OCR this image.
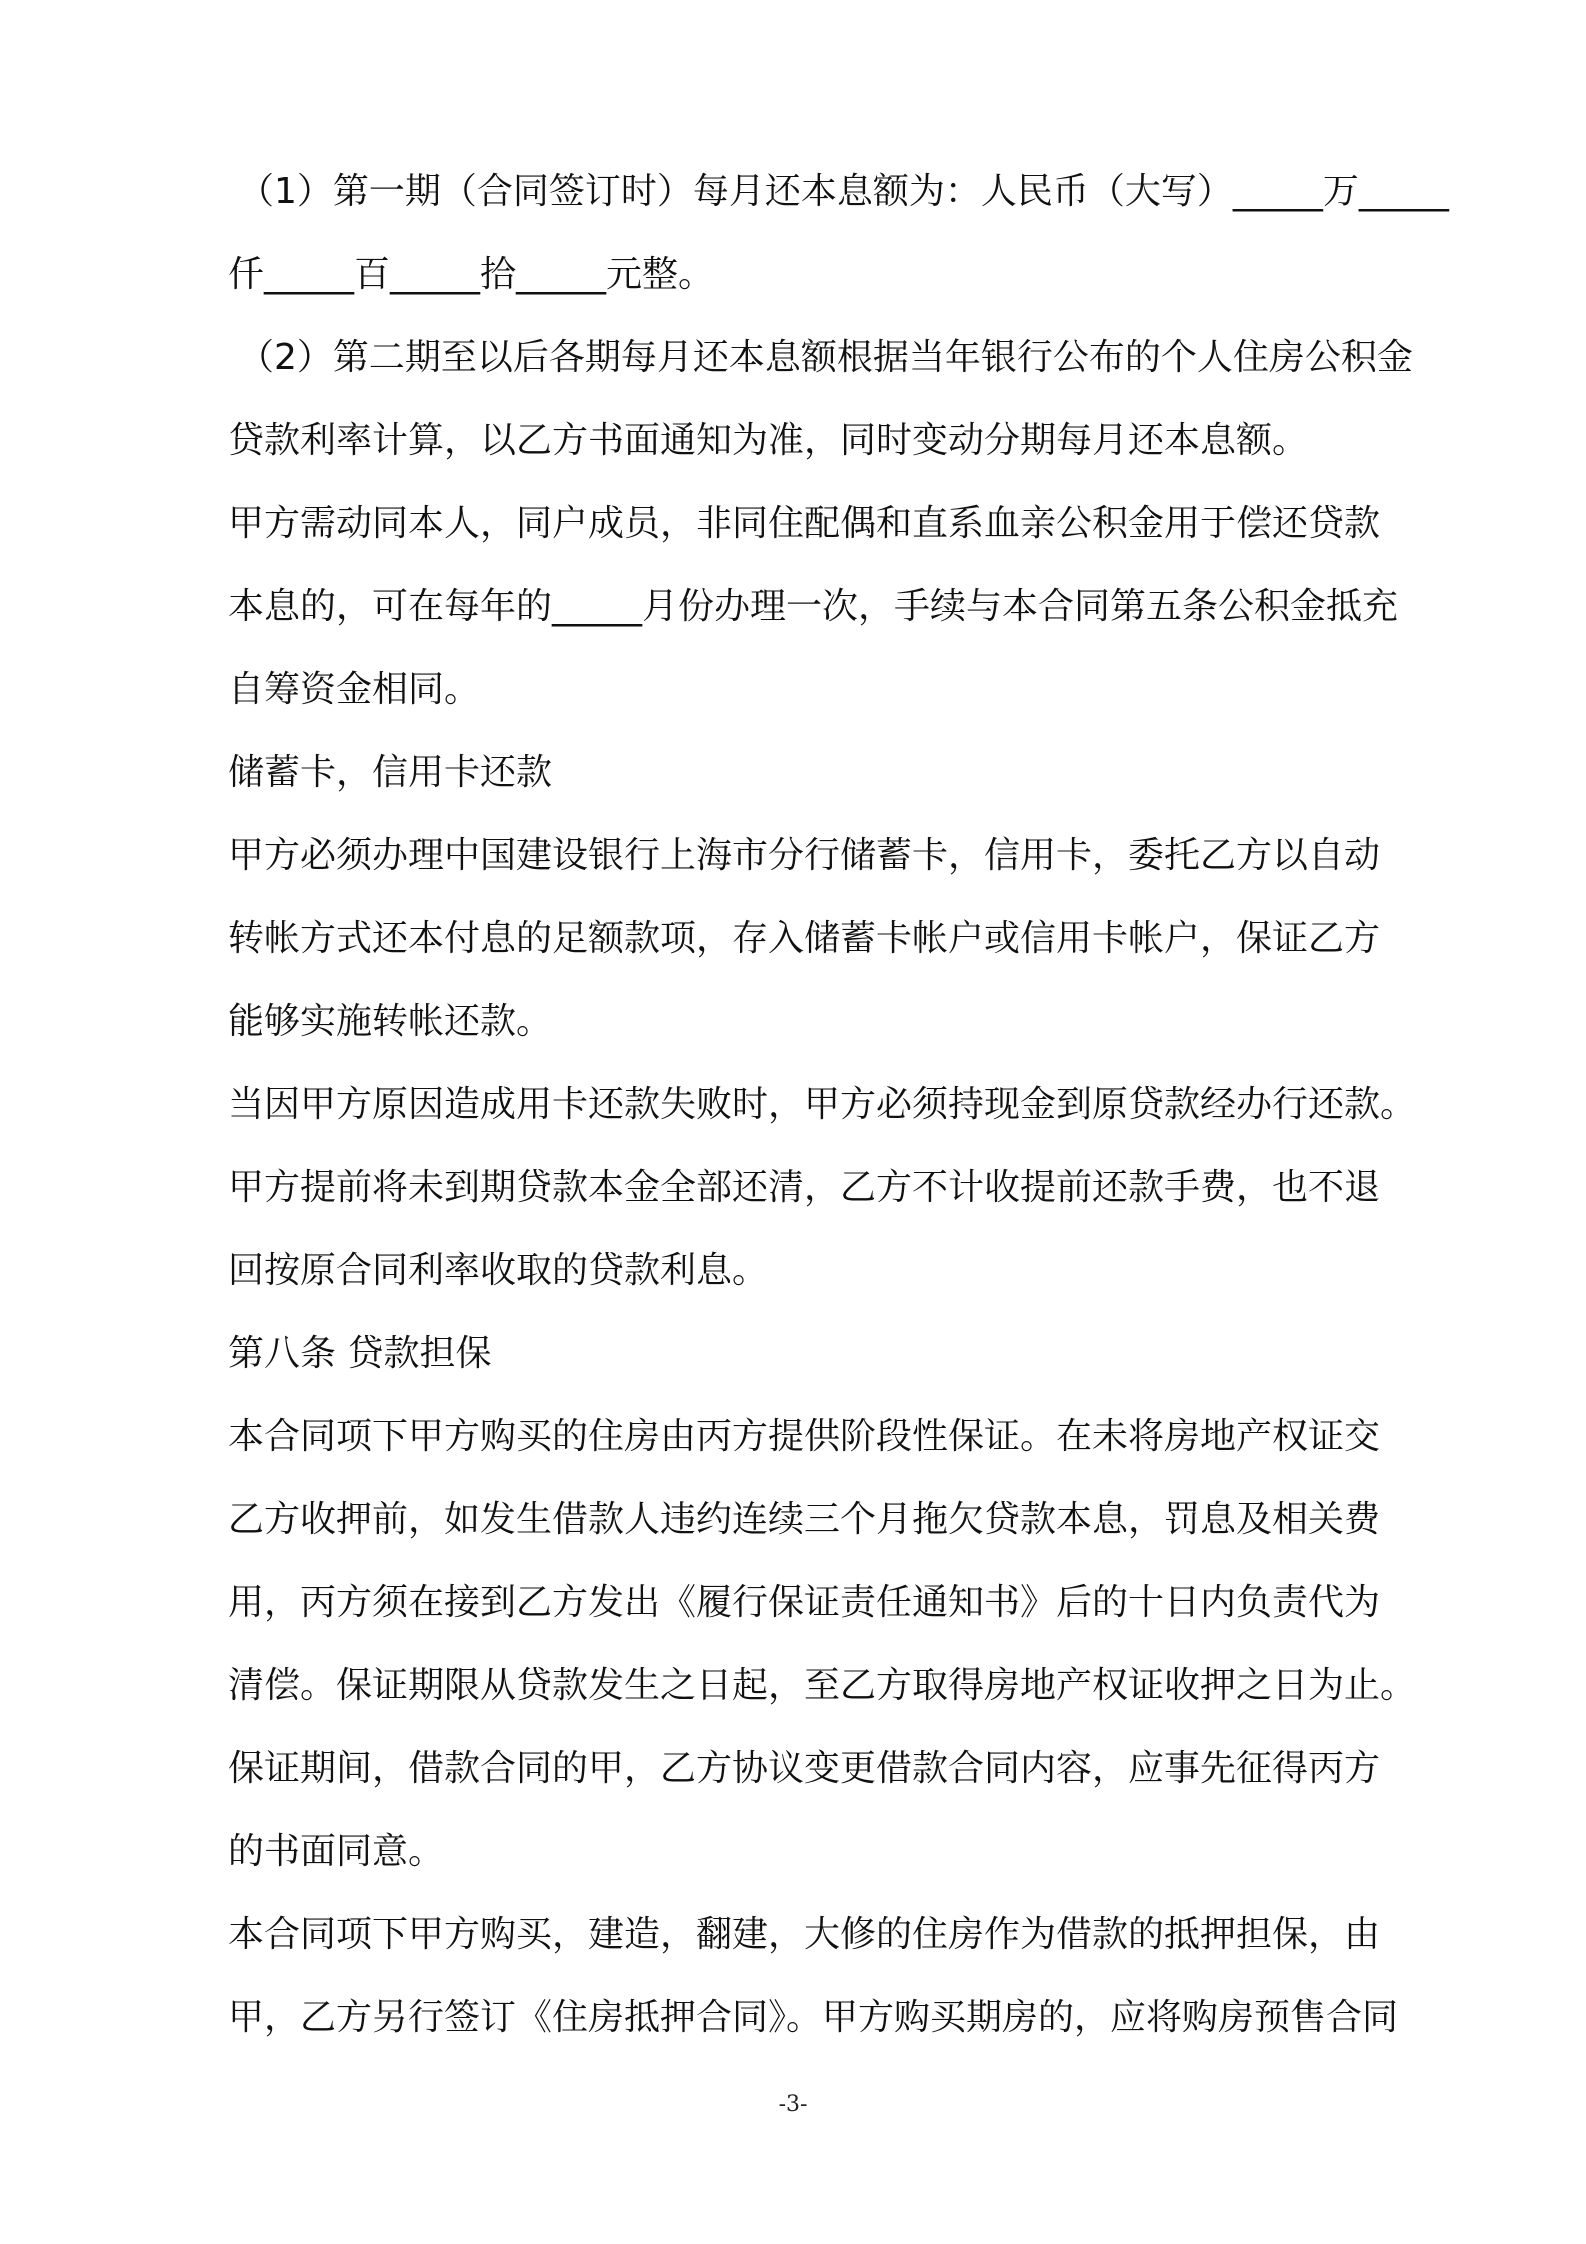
（1）第一期（合同签订时）每月还本息额为：人民币（大写）_____万_____
仟_____百_____拾_____元整。
（2）第二期至以后各期每月还本息额根据当年银行公布的个人住房公积金
贷款利率计算，以乙方书面通知为准，同时变动分期每月还本息额。
甲方需动同本人，同户成员，非同住配偶和直系血亲公积金用于偿还贷款
本息的，可在每年的_____月份办理一次，手续与本合同第五条公积金抵充
自筹资金相同。
储蓄卡，信用卡还款
甲方必须办理中国建设银行上海市分行储蓄卡，信用卡，委托乙方以自动
转帐方式还本付息的足额款项，存入储蓄卡帐户或信用卡帐户，保证乙方
能够实施转帐还款。
当因甲方原因造成用卡还款失败时，甲方必须持现金到原贷款经办行还款。
甲方提前将未到期贷款本金全部还清，乙方不计收提前还款手费，也不退
回按原合同利率收取的贷款利息。
第八条 贷款担保
本合同项下甲方购买的住房由丙方提供阶段性保证。在未将房地产权证交
乙方收押前，如发生借款人违约连续三个月拖欠贷款本息，罚息及相关费
用，丙方须在接到乙方发出《履行保证责任通知书》后的十日内负责代为
清偿。保证期限从贷款发生之日起，至乙方取得房地产权证收押之日为止。
保证期间，借款合同的甲，乙方协议变更借款合同内容，应事先征得丙方
的书面同意。
本合同项下甲方购买，建造，翻建，大修的住房作为借款的抵押担保，由
甲，乙方另行签订《住房抵押合同》。甲方购买期房的，应将购房预售合同
-3-
